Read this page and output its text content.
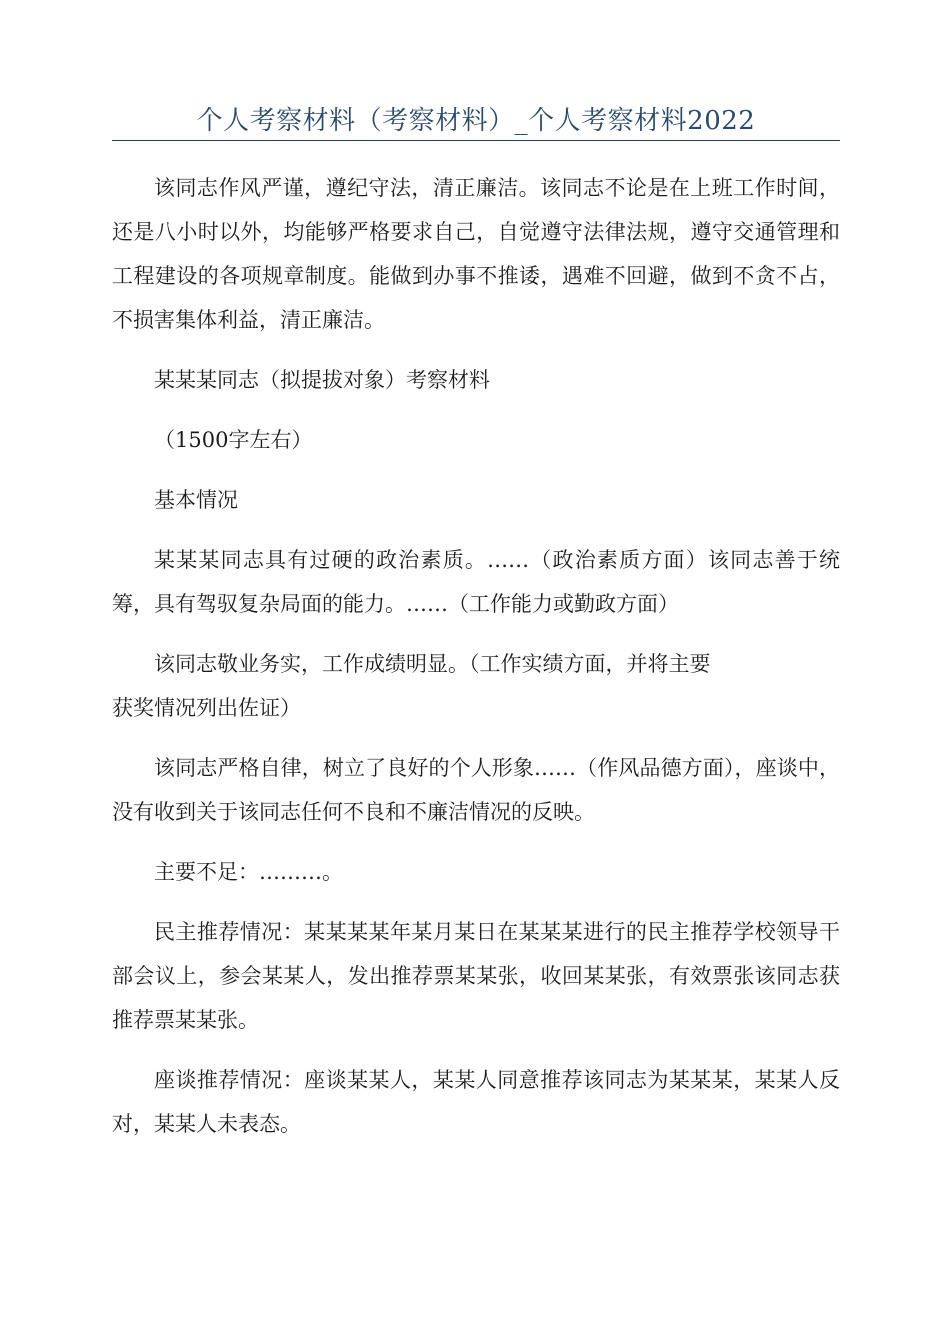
个人考察材料（考察材料）_个人考察材料2022

该同志作风严谨，遵纪守法，清正廉洁。该同志不论是在上班工作时间，还是八小时以外，均能够严格要求自己，自觉遵守法律法规，遵守交通管理和工程建设的各项规章制度。能做到办事不推诿，遇难不回避，做到不贪不占，不损害集体利益，清正廉洁。

某某某同志（拟提拔对象）考察材料

（1500字左右）

基本情况

某某某同志具有过硬的政治素质。……（政治素质方面）该同志善于统筹，具有驾驭复杂局面的能力。……（工作能力或勤政方面）

该同志敬业务实，工作成绩明显。（工作实绩方面，并将主要
获奖情况列出佐证）

该同志严格自律，树立了良好的个人形象……（作风品德方面），座谈中，没有收到关于该同志任何不良和不廉洁情况的反映。

主要不足：………。

民主推荐情况：某某某某年某月某日在某某某进行的民主推荐学校领导干部会议上，参会某某人，发出推荐票某某张，收回某某张，有效票张该同志获推荐票某某张。

座谈推荐情况：座谈某某人，某某人同意推荐该同志为某某某，某某人反对，某某人未表态。
